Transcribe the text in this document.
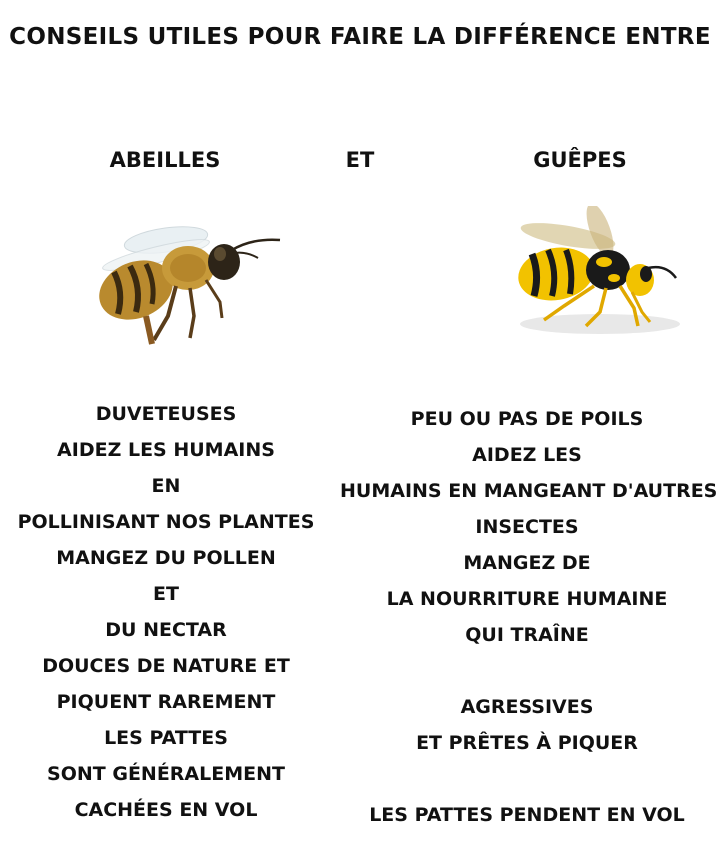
CONSEILS UTILES POUR FAIRE LA DIFFÉRENCE ENTRE
ABEILLES	ET	GUÊPES
DUVETEUSES
AIDEZ LES HUMAINS
EN
POLLINISANT NOS PLANTES
MANGEZ DU POLLEN
ET
DU NECTAR
DOUCES DE NATURE ET
PIQUENT RAREMENT
LES PATTES
SONT GÉNÉRALEMENT
CACHÉES EN VOL
PEU OU PAS DE POILS
AIDEZ LES
HUMAINS EN MANGEANT D'AUTRES
INSECTES
MANGEZ DE
LA NOURRITURE HUMAINE
QUI TRAÎNE
AGRESSIVES
ET PRÊTES À PIQUER
LES PATTES PENDENT EN VOL
